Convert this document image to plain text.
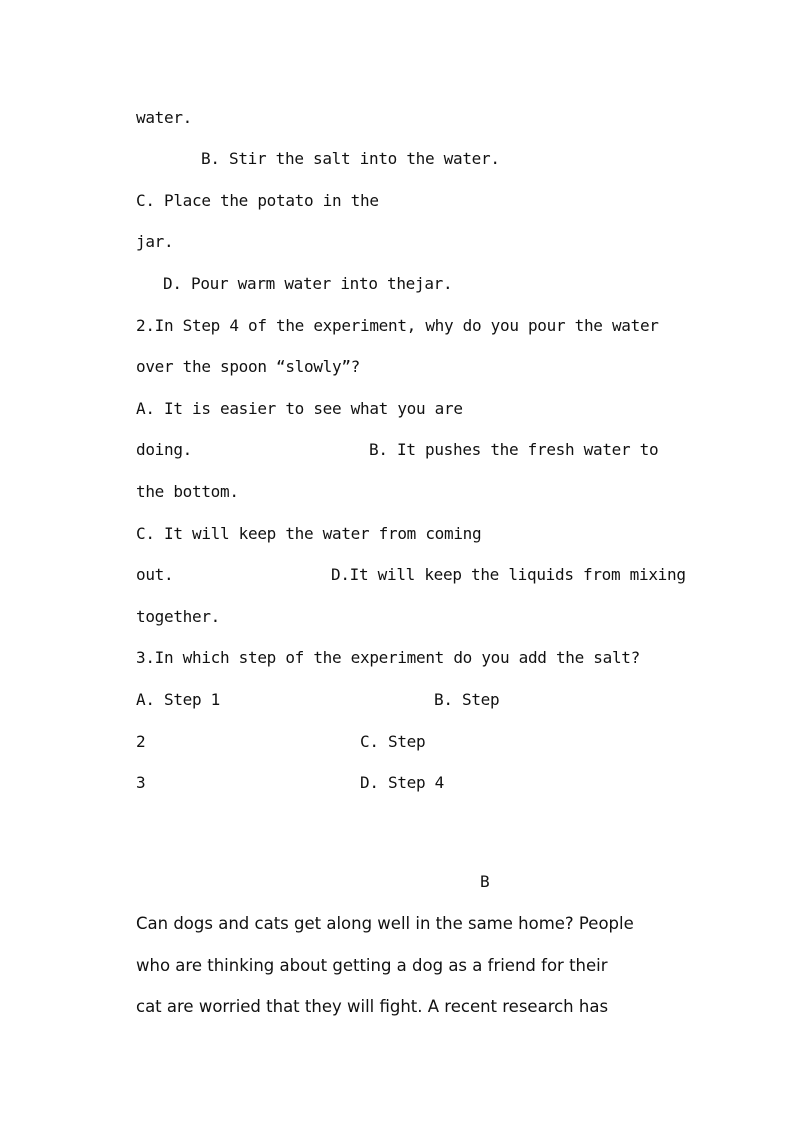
water.
B. Stir the salt into the water.
C. Place the potato in the
jar.
D. Pour warm water into thejar.
2.In Step 4 of the experiment, why do you pour the water
over the spoon “slowly”?
A. It is easier to see what you are
doing.	B. It pushes the fresh water to
the bottom.
C. It will keep the water from coming
out.	D.It will keep the liquids from mixing
together.
3.In which step of the experiment do you add the salt?
A. Step 1	B. Step
2	C. Step
3	D. Step 4
B
Can dogs and cats get along well in the same home? People
who are thinking about getting a dog as a friend for their
cat are worried that they will fight. A recent research has
